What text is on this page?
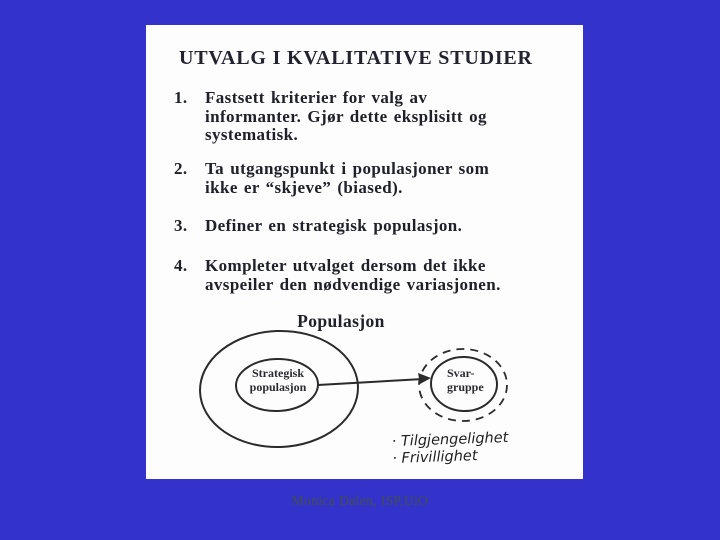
UTVALG I KVALITATIVE STUDIER
1.	Fastsett kriterier for valg av
informanter. Gjør dette eksplisitt og
systematisk.
2.	Ta utgangspunkt i populasjoner som
ikke er “skjeve” (biased).
3.	Definer en strategisk populasjon.
4.	Kompleter utvalget dersom det ikke
avspeiler den nødvendige variasjonen.
Populasjon
Strategisk
populasjon
Svar-
gruppe
· Tilgjengelighet
· Frivillighet
Monica Dalen, ISP,UiO
